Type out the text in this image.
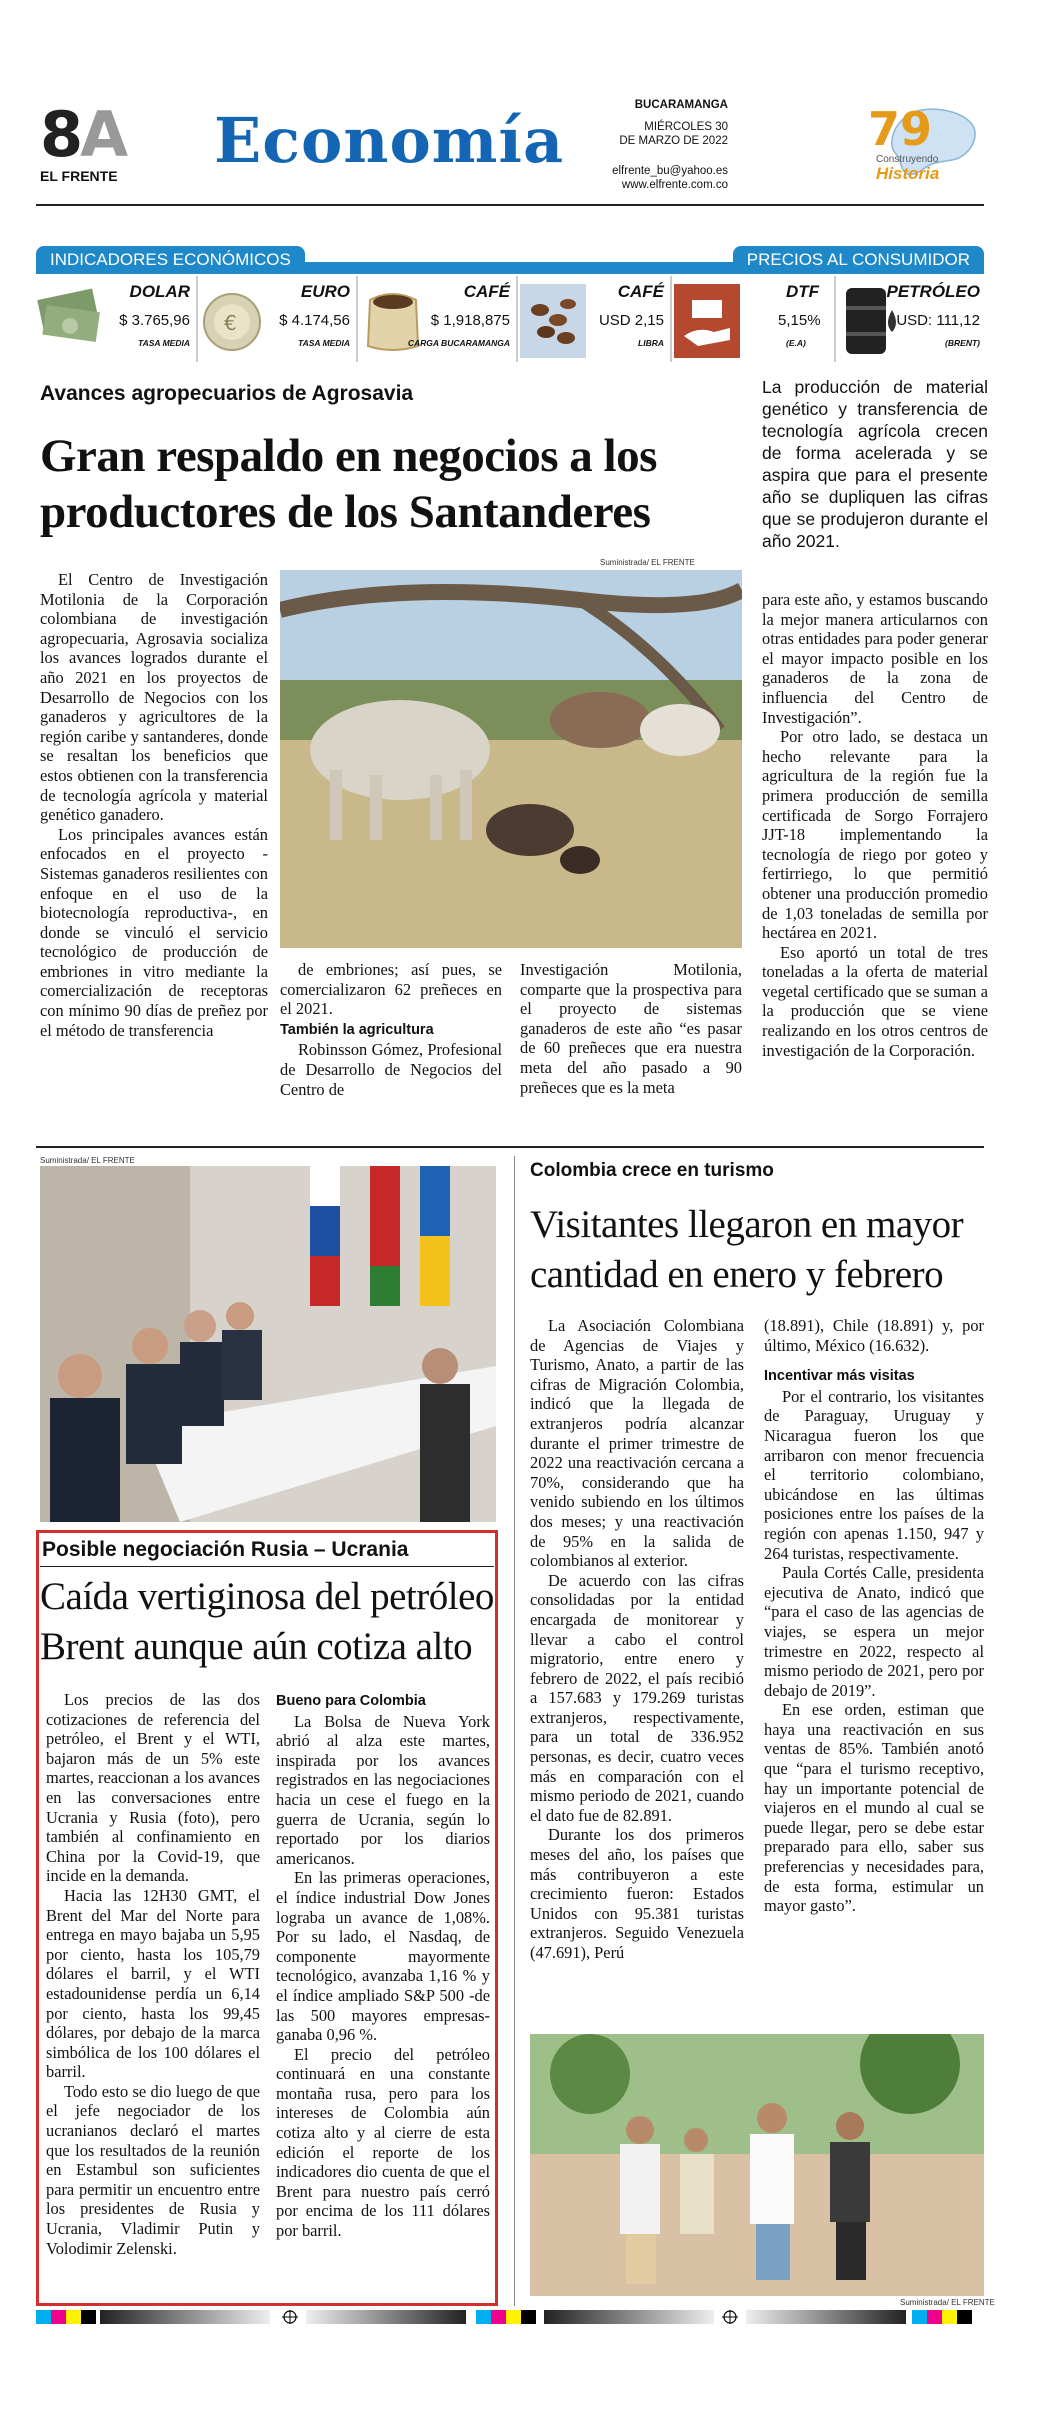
8A
EL FRENTE Economía	BUCARAMANGA
MIÉRCOLES 30
DE MARZO DE 2022
elfrente_bu@yahoo.es
www.elfrente.com.co
79
Construyendo
Historia
INDICADORES ECONÓMICOS	PRECIOS AL CONSUMIDOR
DOLAR
$ 3.765,96
TASA MEDIA
€
EURO
$ 4.174,56
TASA MEDIA
CAFÉ
$ 1,918,875
CARGA BUCARAMANGA
CAFÉ
USD 2,15
LIBRA
DTF
5,15%
(E.A)
PETRÓLEO
USD: 111,12
(BRENT)
Avances agropecuarios de Agrosavia
Gran respaldo en negocios a los productores de los Santanderes
La producción de material genético y transferencia de tecnología agrícola crecen de forma acelerada y se aspira que para el presente año se dupliquen las cifras que se produjeron durante el año 2021.
Suministrada/ EL FRENTE

El Centro de Investigación Motilonia de la Corporación colombiana de investigación agropecuaria, Agrosavia socializa los avances logrados durante el año 2021 en los proyectos de Desarrollo de Negocios con los ganaderos y agricultores de la región caribe y santanderes, donde se resaltan los beneficios que estos obtienen con la transferencia de tecnología agrícola y material genético ganadero.

Los principales avances están enfocados en el proyecto -Sistemas ganaderos resilientes con enfoque en el uso de la biotecnología reproductiva-, en donde se vinculó el servicio tecnológico de producción de embriones in vitro mediante la comercialización de receptoras con mínimo 90 días de preñez por el método de transferencia

de embriones; así pues, se comercializaron 62 preñeces en el 2021.

También la agricultura

Robinsson Gómez, Profesional de Desarrollo de Negocios del Centro de

Investigación Motilonia, comparte que la prospectiva para el proyecto de sistemas ganaderos de este año “es pasar de 60 preñeces que era nuestra meta del año pasado a 90 preñeces que es la meta

para este año, y estamos buscando la mejor manera articularnos con otras entidades para poder generar el mayor impacto posible en los ganaderos de la zona de influencia del Centro de Investigación”.

Por otro lado, se destaca un hecho relevante para la agricultura de la región fue la primera producción de semilla certificada de Sorgo Forrajero JJT-18 implementando la tecnología de riego por goteo y fertirriego, lo que permitió obtener una producción promedio de 1,03 toneladas de semilla por hectárea en 2021.

Eso aportó un total de tres toneladas a la oferta de material vegetal certificado que se suman a la producción que se viene realizando en los otros centros de investigación de la Corporación.

Suministrada/ EL FRENTE
Posible negociación Rusia – Ucrania
Caída vertiginosa del petróleo Brent aunque aún cotiza alto

Los precios de las dos cotizaciones de referencia del petróleo, el Brent y el WTI, bajaron más de un 5% este martes, reaccionan a los avances en las conversaciones entre Ucrania y Rusia (foto), pero también al confinamiento en China por la Covid-19, que incide en la demanda.

Hacia las 12H30 GMT, el Brent del Mar del Norte para entrega en mayo bajaba un 5,95 por ciento, hasta los 105,79 dólares el barril, y el WTI estadounidense perdía un 6,14 por ciento, hasta los 99,45 dólares, por debajo de la marca simbólica de los 100 dólares el barril.

Todo esto se dio luego de que el jefe negociador de los ucranianos declaró el martes que los resultados de la reunión en Estambul son suficientes para permitir un encuentro entre los presidentes de Rusia y Ucrania, Vladimir Putin y Volodimir Zelenski.

Bueno para Colombia

La Bolsa de Nueva York abrió al alza este martes, inspirada por los avances registrados en las negociaciones hacia un cese el fuego en la guerra de Ucrania, según lo reportado por los diarios americanos.

En las primeras operaciones, el índice industrial Dow Jones lograba un avance de 1,08%. Por su lado, el Nasdaq, de componente mayormente tecnológico, avanzaba 1,16 % y el índice ampliado S&P 500 -de las 500 mayores empresas- ganaba 0,96 %.

El precio del petróleo continuará en una constante montaña rusa, pero para los intereses de Colombia aún cotiza alto y al cierre de esta edición el reporte de los indicadores dio cuenta de que el Brent para nuestro país cerró por encima de los 111 dólares por barril.

Colombia crece en turismo
Visitantes llegaron en mayor cantidad en enero y febrero

La Asociación Colombiana de Agencias de Viajes y Turismo, Anato, a partir de las cifras de Migración Colombia, indicó que la llegada de extranjeros podría alcanzar durante el primer trimestre de 2022 una reactivación cercana a 70%, considerando que ha venido subiendo en los últimos dos meses; y una reactivación de 95% en la salida de colombianos al exterior.

De acuerdo con las cifras consolidadas por la entidad encargada de monitorear y llevar a cabo el control migratorio, entre enero y febrero de 2022, el país recibió a 157.683 y 179.269 turistas extranjeros, respectivamente, para un total de 336.952 personas, es decir, cuatro veces más en comparación con el mismo periodo de 2021, cuando el dato fue de 82.891.

Durante los dos primeros meses del año, los países que más contribuyeron a este crecimiento fueron: Estados Unidos con 95.381 turistas extranjeros. Seguido Venezuela (47.691), Perú

(18.891), Chile (18.891) y, por último, México (16.632).

Incentivar más visitas

Por el contrario, los visitantes de Paraguay, Uruguay y Nicaragua fueron los que arribaron con menor frecuencia el territorio colombiano, ubicándose en las últimas posiciones entre los países de la región con apenas 1.150, 947 y 264 turistas, respectivamente.

Paula Cortés Calle, presidenta ejecutiva de Anato, indicó que “para el caso de las agencias de viajes, se espera un mejor trimestre en 2022, respecto al mismo periodo de 2021, pero por debajo de 2019”.

En ese orden, estiman que haya una reactivación en sus ventas de 85%. También anotó que “para el turismo receptivo, hay un importante potencial de viajeros en el mundo al cual se puede llegar, pero se debe estar preparado para ello, saber sus preferencias y necesidades para, de esta forma, estimular un mayor gasto”.

Suministrada/ EL FRENTE
